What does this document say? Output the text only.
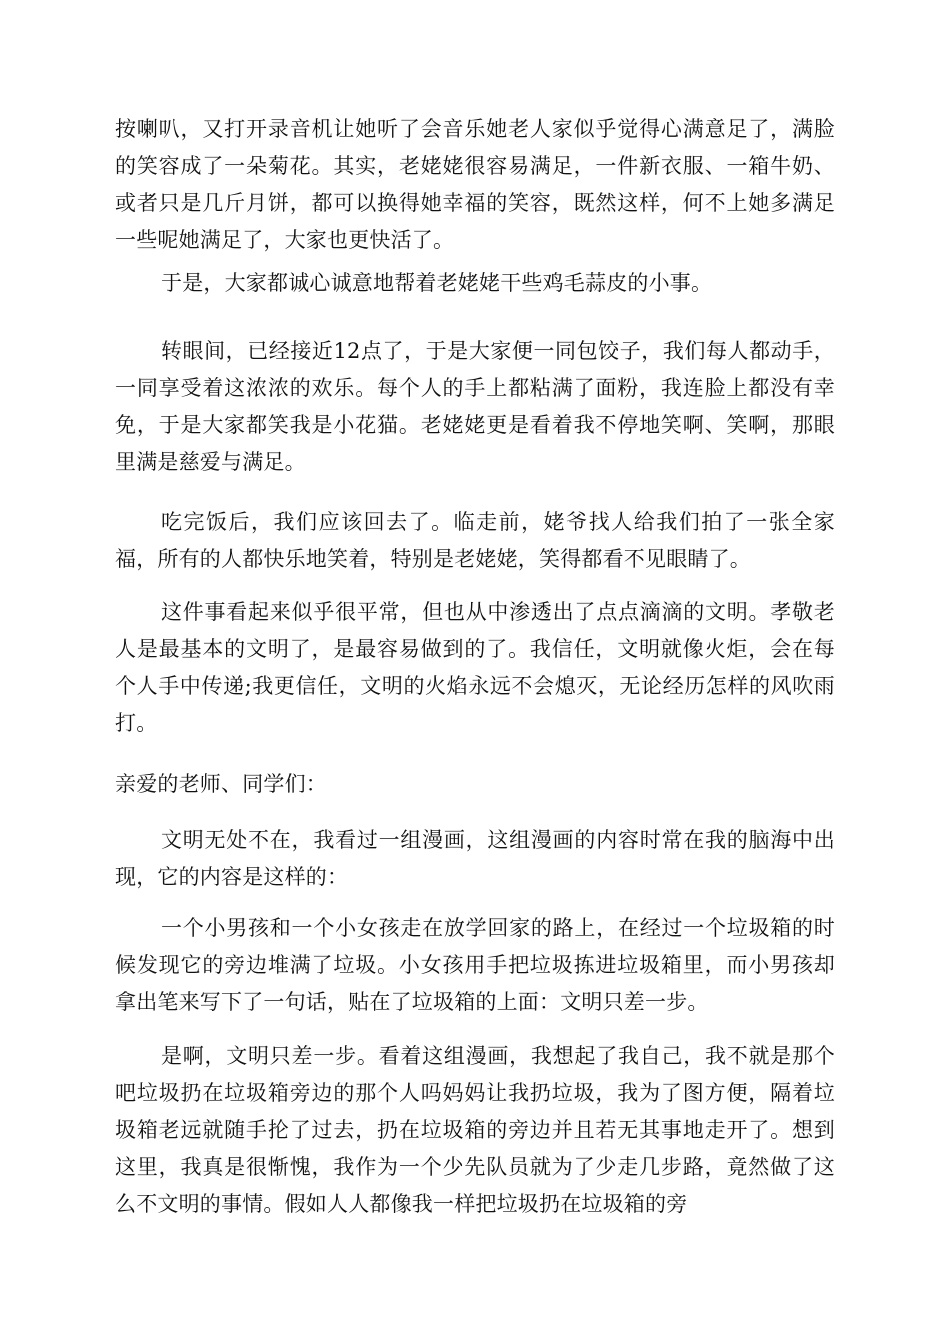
按喇叭，又打开录音机让她听了会音乐她老人家似乎觉得心满意足了，满脸的笑容成了一朵菊花。其实，老姥姥很容易满足，一件新衣服、一箱牛奶、或者只是几斤月饼，都可以换得她幸福的笑容，既然这样，何不上她多满足一些呢她满足了，大家也更快活了。

于是，大家都诚心诚意地帮着老姥姥干些鸡毛蒜皮的小事。

转眼间，已经接近12点了，于是大家便一同包饺子，我们每人都动手，一同享受着这浓浓的欢乐。每个人的手上都粘满了面粉，我连脸上都没有幸免，于是大家都笑我是小花猫。老姥姥更是看着我不停地笑啊、笑啊，那眼里满是慈爱与满足。

吃完饭后，我们应该回去了。临走前，姥爷找人给我们拍了一张全家福，所有的人都快乐地笑着，特别是老姥姥，笑得都看不见眼睛了。

这件事看起来似乎很平常，但也从中渗透出了点点滴滴的文明。孝敬老人是最基本的文明了，是最容易做到的了。我信任，文明就像火炬，会在每个人手中传递;我更信任，文明的火焰永远不会熄灭，无论经历怎样的风吹雨打。

亲爱的老师、同学们：

文明无处不在，我看过一组漫画，这组漫画的内容时常在我的脑海中出现，它的内容是这样的：

一个小男孩和一个小女孩走在放学回家的路上，在经过一个垃圾箱的时候发现它的旁边堆满了垃圾。小女孩用手把垃圾拣进垃圾箱里，而小男孩却拿出笔来写下了一句话，贴在了垃圾箱的上面：文明只差一步。

是啊，文明只差一步。看着这组漫画，我想起了我自己，我不就是那个吧垃圾扔在垃圾箱旁边的那个人吗妈妈让我扔垃圾，我为了图方便，隔着垃圾箱老远就随手抡了过去，扔在垃圾箱的旁边并且若无其事地走开了。想到这里，我真是很惭愧，我作为一个少先队员就为了少走几步路，竟然做了这么不文明的事情。假如人人都像我一样把垃圾扔在垃圾箱的旁
